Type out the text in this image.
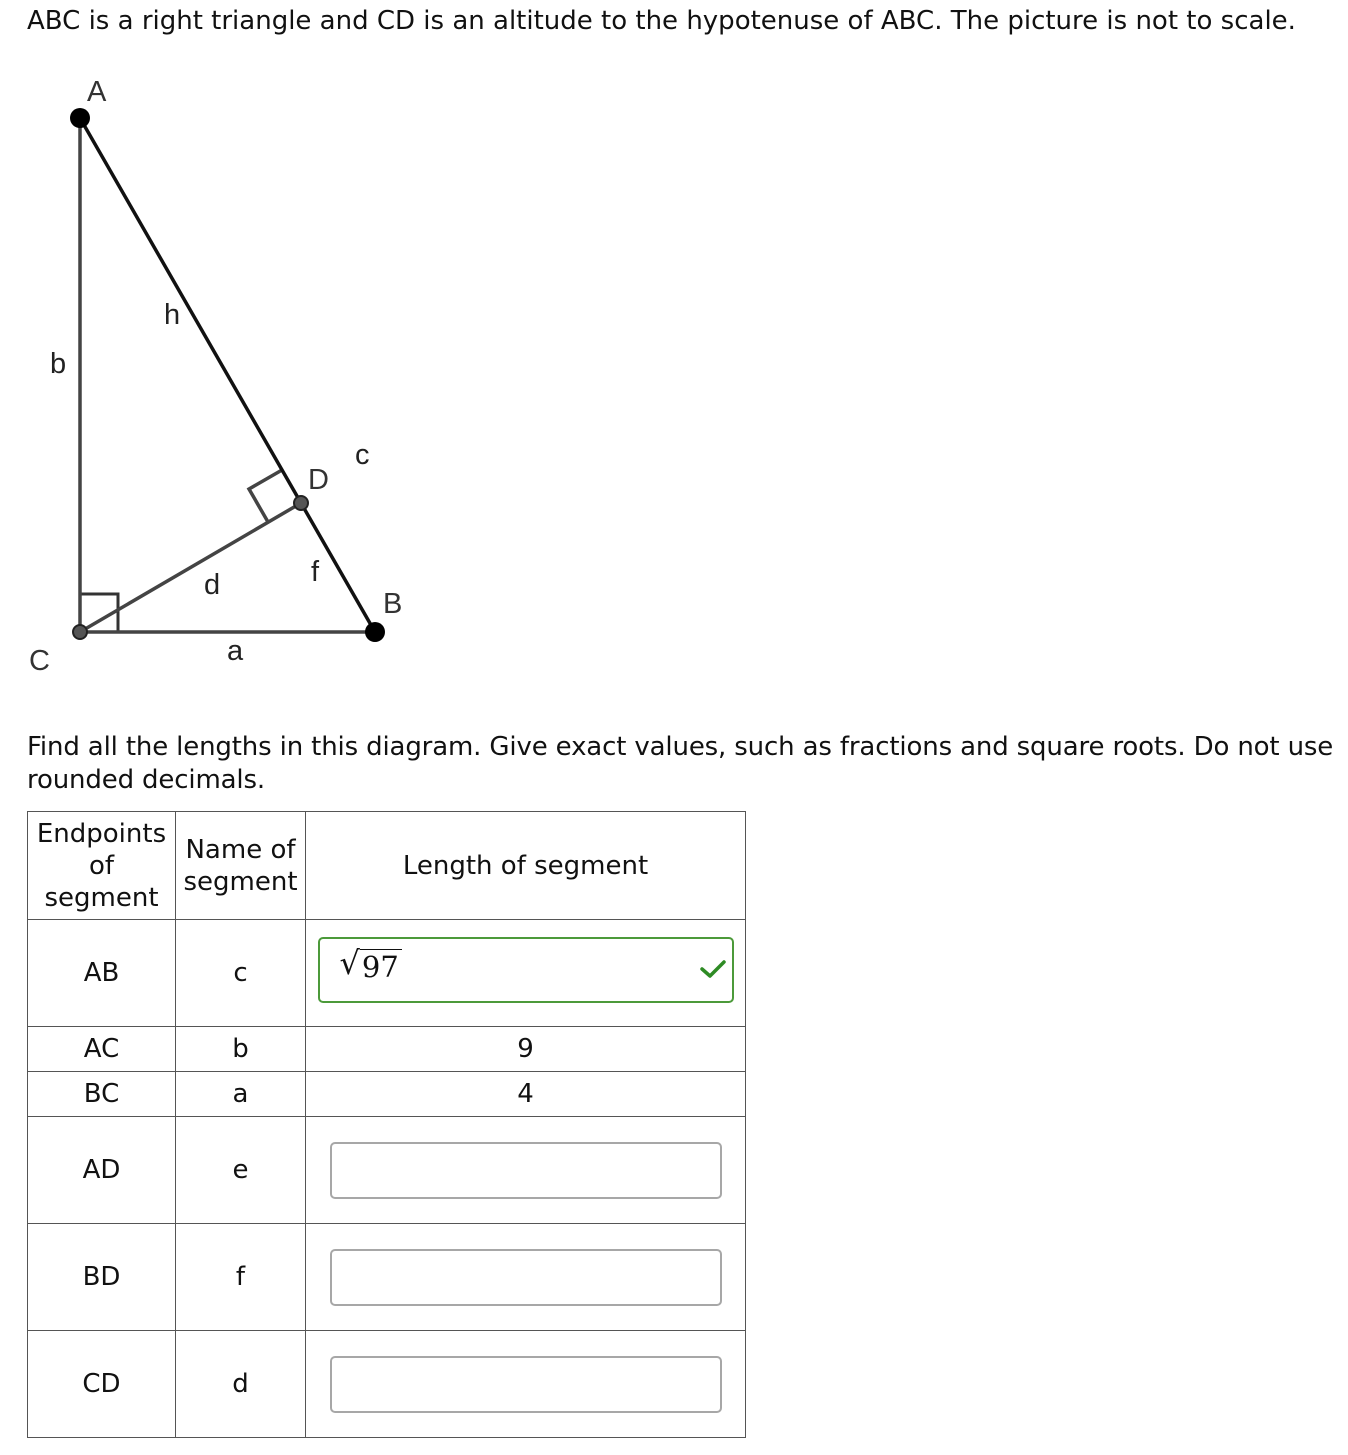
ABC is a right triangle and CD is an altitude to the hypotenuse of ABC. The picture is not to scale.

A
B
C
D
h
b
c
d	f
a

Find all the lengths in this diagram. Give exact values, such as fractions and square roots. Do not use rounded decimals.

Endpoints of segment	Name of segment	Length of segment
AB	c	√ 97

AC	b	9
BC	a	4
AD	e	

BD	f	

CD	d	
